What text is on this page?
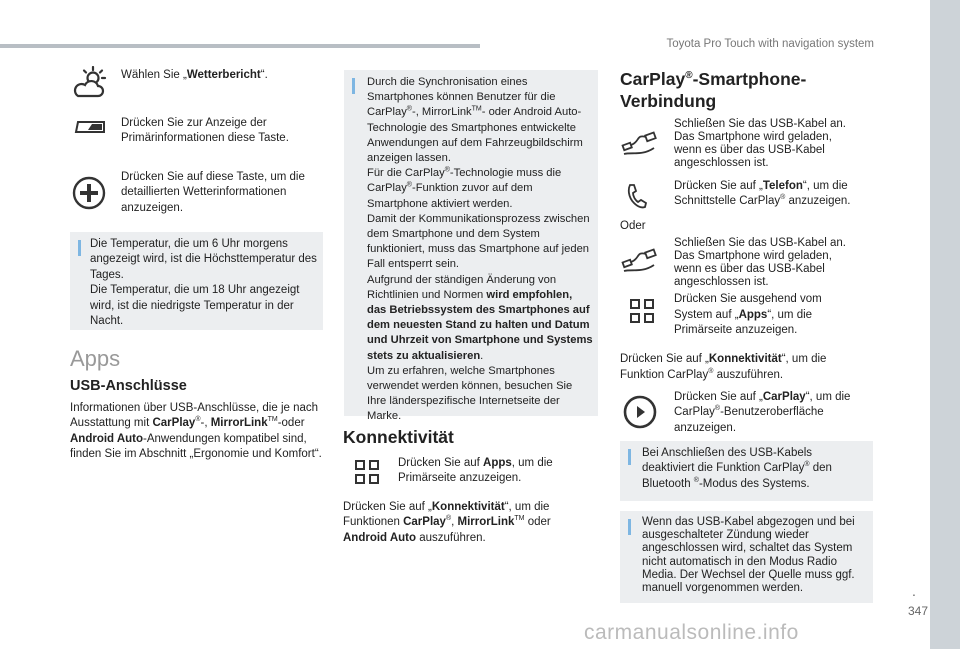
Toyota Pro Touch with navigation system
.
347
carmanualsonline.info
Wählen Sie „Wetterbericht“.
Drücken Sie zur Anzeige der Primärinformationen diese Taste.
Drücken Sie auf diese Taste, um die detaillierten Wetterinformationen anzuzeigen.
Die Temperatur, die um 6 Uhr morgens angezeigt wird, ist die Höchsttemperatur des Tages.
Die Temperatur, die um 18 Uhr angezeigt wird, ist die niedrigste Temperatur in der Nacht.
Apps
USB-Anschlüsse
Informationen über USB-Anschlüsse, die je nach Ausstattung mit CarPlay®-, MirrorLink™-oder Android Auto-Anwendungen kompatibel sind, finden Sie im Abschnitt „Ergonomie und Komfort“.
Durch die Synchronisation eines Smartphones können Benutzer für die CarPlay®-, MirrorLink™- oder Android Auto-Technologie des Smartphones entwickelte Anwendungen auf dem Fahrzeugbildschirm anzeigen lassen.
Für die CarPlay®-Technologie muss die CarPlay®-Funktion zuvor auf dem Smartphone aktiviert werden.
Damit der Kommunikationsprozess zwischen dem Smartphone und dem System funktioniert, muss das Smartphone auf jeden Fall entsperrt sein.
Aufgrund der ständigen Änderung von Richtlinien und Normen wird empfohlen, das Betriebssystem des Smartphones auf dem neuesten Stand zu halten und Datum und Uhrzeit von Smartphone und Systems stets zu aktualisieren.
Um zu erfahren, welche Smartphones verwendet werden können, besuchen Sie Ihre länderspezifische Internetseite der Marke.
Konnektivität
Drücken Sie auf Apps, um die Primärseite anzuzeigen.
Drücken Sie auf „Konnektivität“, um die Funktionen CarPlay®, MirrorLink™ oder Android Auto auszuführen.
CarPlay®-Smartphone-Verbindung
Schließen Sie das USB-Kabel an. Das Smartphone wird geladen, wenn es über das USB-Kabel angeschlossen ist.
Drücken Sie auf „Telefon“, um die Schnittstelle CarPlay® anzuzeigen.
Oder
Schließen Sie das USB-Kabel an. Das Smartphone wird geladen, wenn es über das USB-Kabel angeschlossen ist.
Drücken Sie ausgehend vom System auf „Apps“, um die Primärseite anzuzeigen.
Drücken Sie auf „Konnektivität“, um die Funktion CarPlay® auszuführen.
Drücken Sie auf „CarPlay“, um die CarPlay®-Benutzeroberfläche anzuzeigen.
Bei Anschließen des USB-Kabels deaktiviert die Funktion CarPlay® den Bluetooth ®-Modus des Systems.
Wenn das USB-Kabel abgezogen und bei ausgeschalteter Zündung wieder angeschlossen wird, schaltet das System nicht automatisch in den Modus Radio Media. Der Wechsel der Quelle muss ggf. manuell vorgenommen werden.
